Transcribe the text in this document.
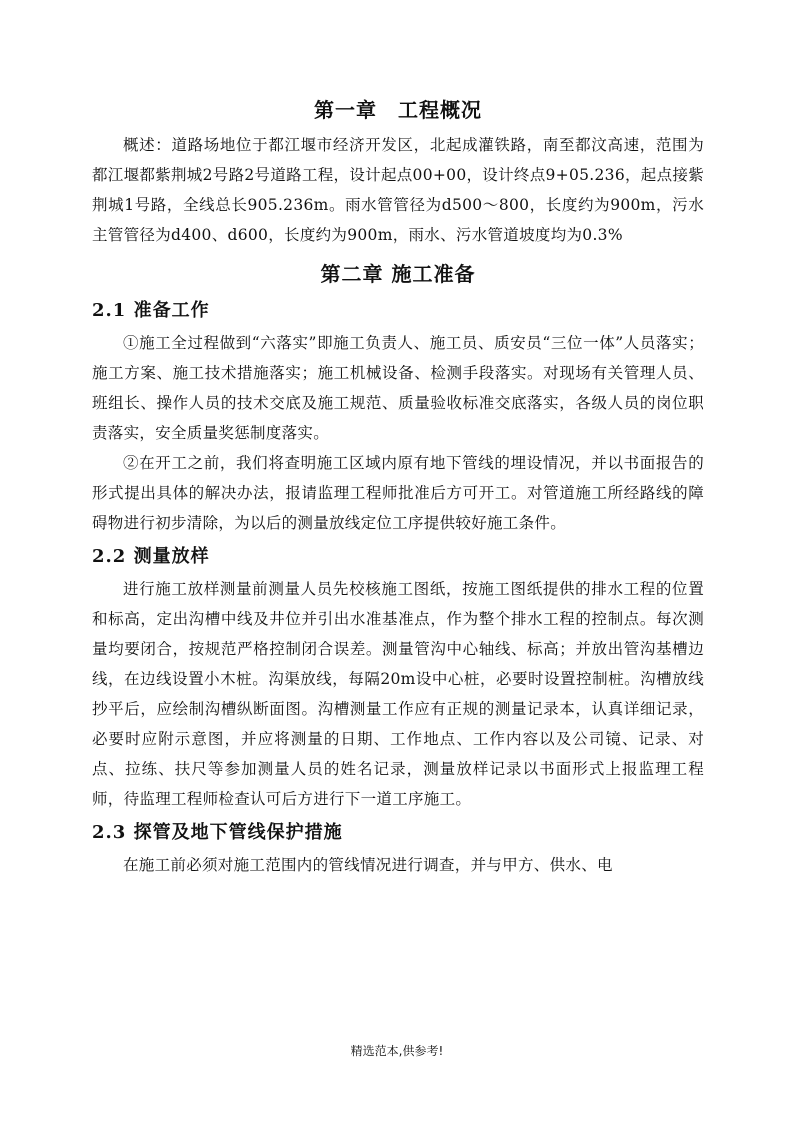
第一章　工程概况

概述：道路场地位于都江堰市经济开发区，北起成灌铁路，南至都汶高速，范围为都江堰都紫荆城2号路2号道路工程，设计起点00+00，设计终点9+05.236，起点接紫荆城1号路，全线总长905.236m。雨水管管径为d500～800，长度约为900m，污水主管管径为d400、d600，长度约为900m，雨水、污水管道坡度均为0.3%

第二章 施工准备
2.1 准备工作

①施工全过程做到“六落实”即施工负责人、施工员、质安员“三位一体”人员落实；施工方案、施工技术措施落实；施工机械设备、检测手段落实。对现场有关管理人员、班组长、操作人员的技术交底及施工规范、质量验收标准交底落实，各级人员的岗位职责落实，安全质量奖惩制度落实。

②在开工之前，我们将查明施工区域内原有地下管线的埋设情况，并以书面报告的形式提出具体的解决办法，报请监理工程师批准后方可开工。对管道施工所经路线的障碍物进行初步清除，为以后的测量放线定位工序提供较好施工条件。

2.2 测量放样

进行施工放样测量前测量人员先校核施工图纸，按施工图纸提供的排水工程的位置和标高，定出沟槽中线及井位并引出水准基准点，作为整个排水工程的控制点。每次测量均要闭合，按规范严格控制闭合误差。测量管沟中心轴线、标高；并放出管沟基槽边线，在边线设置小木桩。沟渠放线，每隔20m设中心桩，必要时设置控制桩。沟槽放线抄平后，应绘制沟槽纵断面图。沟槽测量工作应有正规的测量记录本，认真详细记录，必要时应附示意图，并应将测量的日期、工作地点、工作内容以及公司镜、记录、对点、拉练、扶尺等参加测量人员的姓名记录，测量放样记录以书面形式上报监理工程师，待监理工程师检查认可后方进行下一道工序施工。

2.3 探管及地下管线保护措施

在施工前必须对施工范围内的管线情况进行调查，并与甲方、供水、电

精选范本,供参考!
